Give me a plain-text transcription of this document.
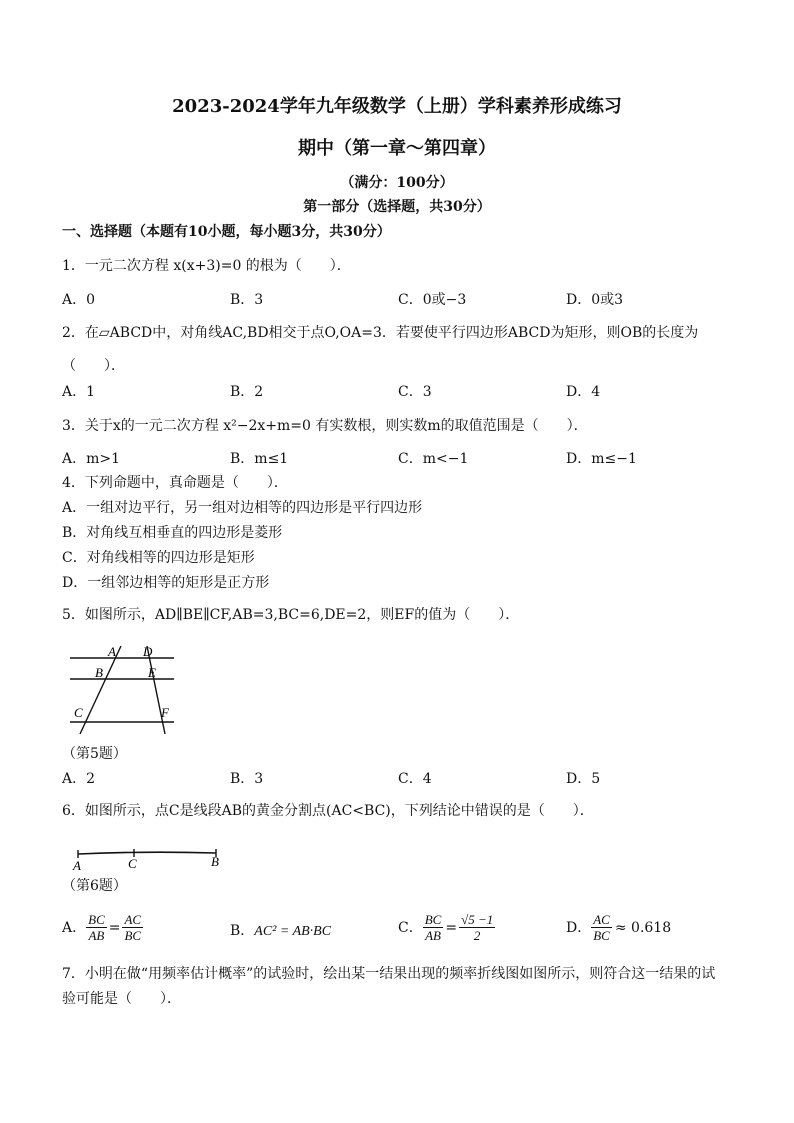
2023-2024学年九年级数学（上册）学科素养形成练习
期中（第一章～第四章）
（满分：100分）
第一部分（选择题，共30分）
一、选择题（本题有10小题，每小题3分，共30分）
1．一元二次方程 x(x+3)=0 的根为（　　）．
A．0	B．3	C．0或−3	D．0或3
2．在▱ABCD中，对角线AC,BD相交于点O,OA=3．若要使平行四边形ABCD为矩形，则OB的长度为
（　　）．
A．1	B．2	C．3	D．4
3．关于x的一元二次方程 x²−2x+m=0 有实数根，则实数m的取值范围是（　　）．
A．m>1	B．m≤1	C．m<−1	D．m≤−1
4．下列命题中，真命题是（　　）．
A．一组对边平行，另一组对边相等的四边形是平行四边形
B．对角线互相垂直的四边形是菱形
C．对角线相等的四边形是矩形
D．一组邻边相等的矩形是正方形
5．如图所示，AD∥BE∥CF,AB=3,BC=6,DE=2，则EF的值为（　　）．
A D
B	E
C	F
（第5题）
A．2	B．3	C．4	D．5
6．如图所示，点C是线段AB的黄金分割点(AC<BC)，下列结论中错误的是（　　）．
A	C	B
（第6题）
A． $\frac{BC}{AB} = \frac{AC}{BC}$	B．AC² = AB·BC	C． $\frac{BC}{AB} = \frac{√5 -1}{2}$	D． $\frac{AC}{BC} \approx 0.618$
7．小明在做“用频率估计概率”的试验时，绘出某一结果出现的频率折线图如图所示，则符合这一结果的试
验可能是（　　）．
